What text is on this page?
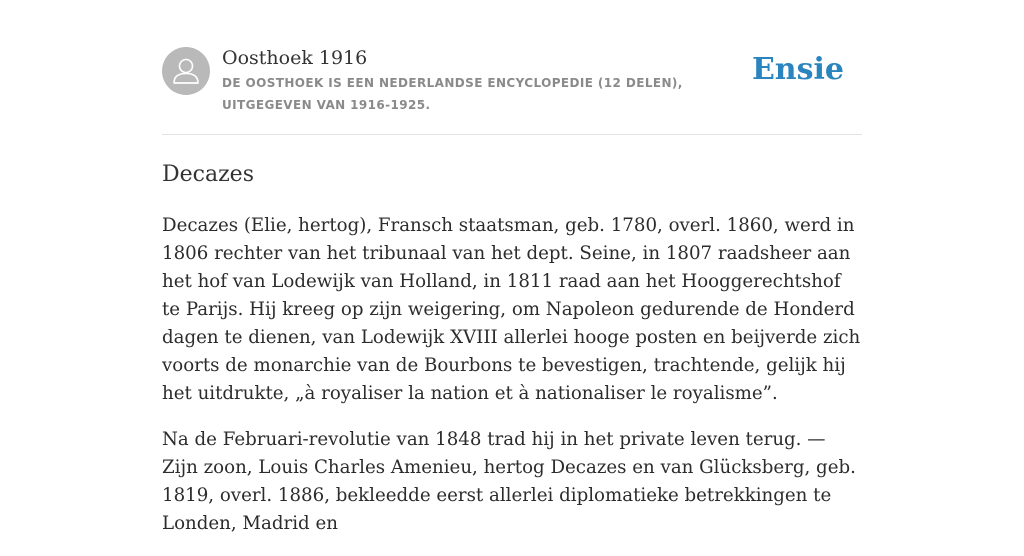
Oosthoek 1916
DE OOSTHOEK IS EEN NEDERLANDSE ENCYCLOPEDIE (12 DELEN), UITGEGEVEN VAN 1916-1925.
Ensie
Decazes

Decazes (Elie, hertog), Fransch staatsman, geb. 1780, overl. 1860, werd in 1806 rechter van het tribunaal van het dept. Seine, in 1807 raadsheer aan het hof van Lodewijk van Holland, in 1811 raad aan het Hooggerechtshof te Parijs. Hij kreeg op zijn weigering, om Napoleon gedurende de Honderd dagen te dienen, van Lodewijk XVIII allerlei hooge posten en beijverde zich voorts de monarchie van de Bourbons te bevestigen, trachtende, gelijk hij het uitdrukte, „à royaliser la nation et à nationaliser le royalisme”.

Na de Februari-revolutie van 1848 trad hij in het private leven terug. — Zijn zoon, Louis Charles Amenieu, hertog Decazes en van Glücksberg, geb. 1819, overl. 1886, bekleedde eerst allerlei diplomatieke betrekkingen te Londen, Madrid en
